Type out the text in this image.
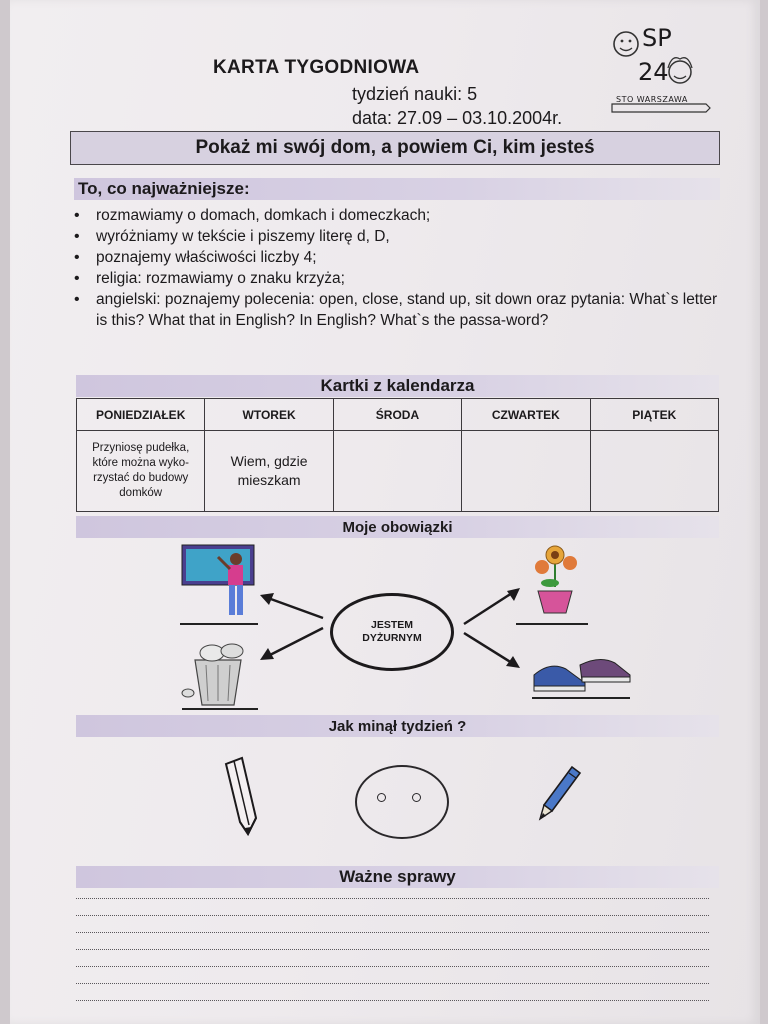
KARTA TYGODNIOWA
tydzień nauki: 5
data: 27.09 – 03.10.2004r.
SP
24
STO WARSZAWA
Pokaż mi swój dom, a powiem Ci, kim jesteś
To, co najważniejsze:
• rozmawiamy o domach, domkach i domeczkach;
• wyróżniamy w tekście i piszemy literę d, D,
• poznajemy właściwości liczby 4;
• religia: rozmawiamy o znaku krzyża;
• angielski: poznajemy polecenia: open, close, stand up, sit down oraz pytania: What`s letter is this? What that in English? In English? What`s the passa-word?
Kartki z kalendarza
PONIEDZIAŁEK	WTOREK	ŚRODA	CZWARTEK	PIĄTEK
Przyniosę pudełka, które można wyko-rzystać do budowy domków	Wiem, gdzie mieszkam			
Moje obowiązki
JESTEM
DYŻURNYM
Jak minął tydzień ?
Ważne sprawy
